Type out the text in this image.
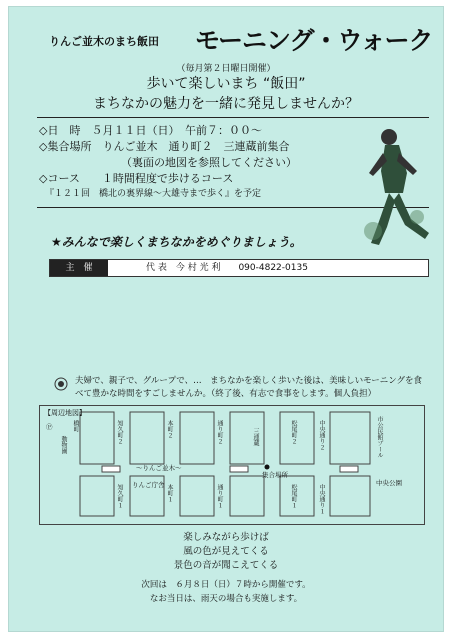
りんご並木のまち飯田 モーニング・ウォーク
（毎月第２日曜日開催）
歩いて楽しいまち “飯田”
まちなかの魅力を一緒に発見しませんか？
◇日　時　５月１１日（日）　午前７：００～
◇集合場所　りんご並木　通り町２　三連蔵前集合
（裏面の地図を参照してください）
◇コース　　１時間程度で歩けるコース
『１２１回　橋北の裏界線～大雄寺まで歩く』を予定
★みんなで楽しくまちなかをめぐりましょう。
主　催	代 表　今 村 光 利　　090-4822-0135
夫婦で、親子で、グループで、…　まちなかを楽しく歩いた後は、美味しいモーニングを食べて豊かな時間をすごしませんか。（終了後、有志で食事をします。個人負担）
【周辺地図】
Ⓟ
動物園
橋町	知久町２	本町２	通り町２	三連蔵	松尾町２	中央通り２	市公民館プール
～りんご並木～
集合場所
知久町１ りんご庁舎 本町１	通り町１	松尾町１	中央通り１
中央公園
楽しみながら歩けば
風の色が見えてくる
景色の音が聞こえてくる
次回は　６月８日（日）７時から開催です。
なお当日は、雨天の場合も実施します。
